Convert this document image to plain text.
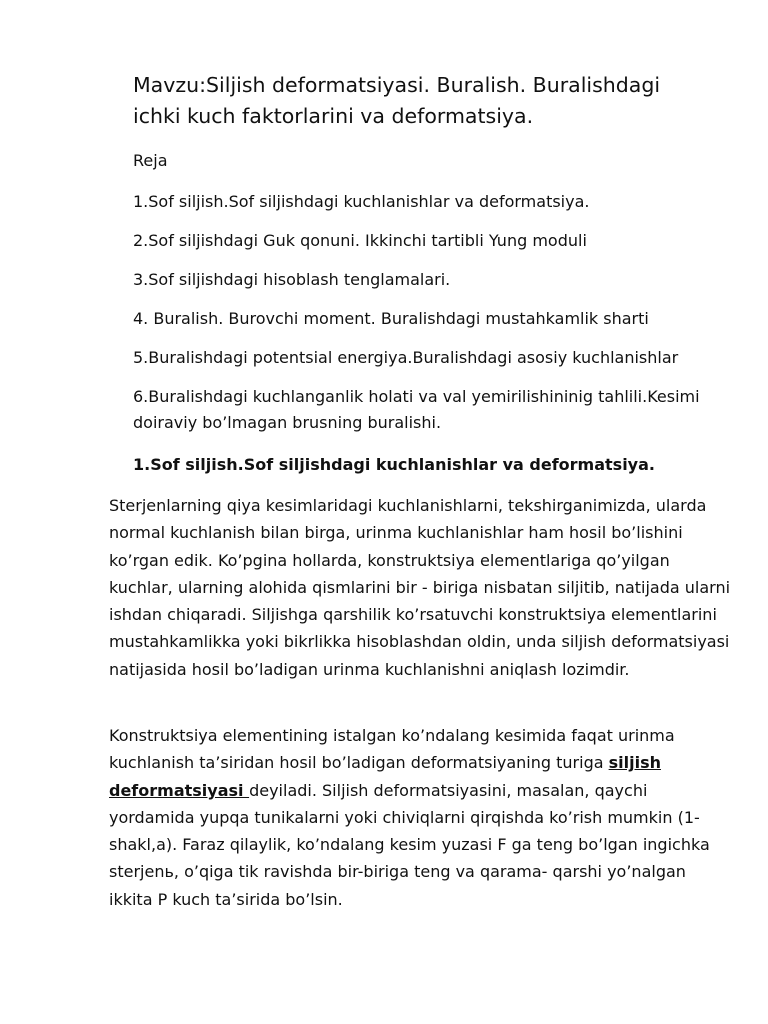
Mavzu:Siljish deformatsiyasi. Buralish. Buralishdagi ichki kuch faktorlarini va deformatsiya.
Reja
1.Sof siljish.Sof siljishdagi kuchlanishlar va deformatsiya.
2.Sof siljishdagi Guk qonuni. Ikkinchi tartibli Yung moduli
3.Sof siljishdagi hisoblash tenglamalari.
4. Buralish. Burovchi moment. Buralishdagi mustahkamlik sharti
5.Buralishdagi potentsial energiya.Buralishdagi asosiy kuchlanishlar
6.Buralishdagi kuchlanganlik holati va val yemirilishininig tahlili.Kesimi doiraviy bo’lmagan brusning buralishi.
1.Sof siljish.Sof siljishdagi kuchlanishlar va deformatsiya.

Sterjenlarning qiya kesimlaridagi kuchlanishlarni, tekshirganimizda, ularda normal kuchlanish bilan birga, urinma kuchlanishlar ham hosil bo’lishini ko’rgan edik. Ko’pgina hollarda, konstruktsiya elementlariga qo’yilgan kuchlar, ularning alohida qismlarini bir - biriga nisbatan siljitib, natijada ularni ishdan chiqaradi. Siljishga qarshilik ko’rsatuvchi konstruktsiya elementlarini mustahkamlikka yoki bikrlikka hisoblashdan oldin, unda siljish deformatsiyasi natijasida hosil bo’ladigan urinma kuchlanishni aniqlash lozimdir.

Konstruktsiya elementining istalgan ko’ndalang kesimida faqat urinma kuchlanish ta’siridan hosil bo’ladigan deformatsiyaning turiga siljish deformatsiyasi deyiladi. Siljish deformatsiyasini, masalan, qaychi yordamida yupqa tunikalarni yoki chiviqlarni qirqishda ko’rish mumkin (1-shakl,a). Faraz qilaylik, ko’ndalang kesim yuzasi F ga teng bo’lgan ingichka sterjenь, o’qiga tik ravishda bir-biriga teng va qarama- qarshi yo’nalgan ikkita P kuch ta’sirida bo’lsin.
